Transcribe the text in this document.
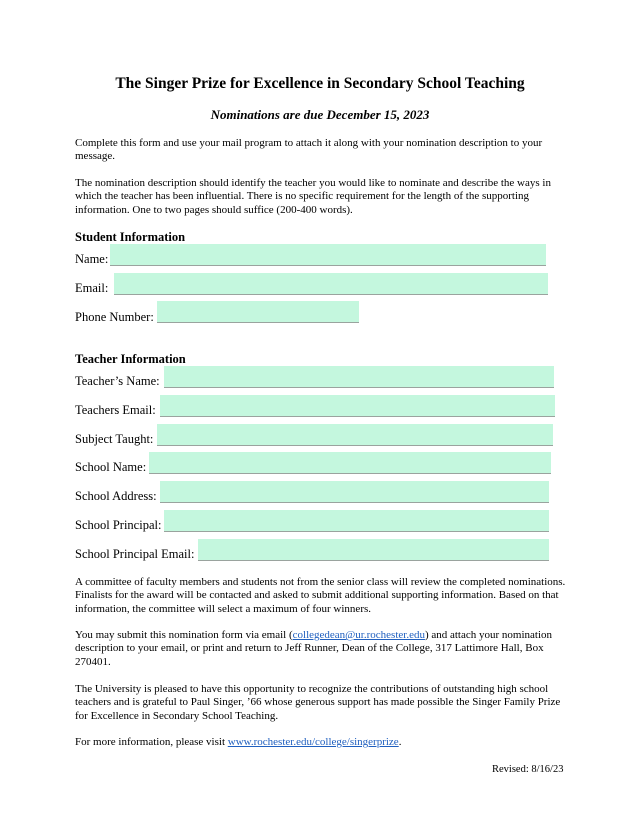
The Singer Prize for Excellence in Secondary School Teaching
Nominations are due December 15, 2023
Complete this form and use your mail program to attach it along with your nomination description to your message.
The nomination description should identify the teacher you would like to nominate and describe the ways in which the teacher has been influential. There is no specific requirement for the length of the supporting information. One to two pages should suffice (200-400 words).
Student Information
Name:
Email:
Phone Number:
Teacher Information
Teacher’s Name:
Teachers Email:
Subject Taught:
School Name:
School Address:
School Principal:
School Principal Email:
A committee of faculty members and students not from the senior class will review the completed nominations. Finalists for the award will be contacted and asked to submit additional supporting information. Based on that information, the committee will select a maximum of four winners.
You may submit this nomination form via email (collegedean@ur.rochester.edu) and attach your nomination description to your email, or print and return to Jeff Runner, Dean of the College, 317 Lattimore Hall, Box 270401.
The University is pleased to have this opportunity to recognize the contributions of outstanding high school teachers and is grateful to Paul Singer, ’66 whose generous support has made possible the Singer Family Prize for Excellence in Secondary School Teaching.
For more information, please visit www.rochester.edu/college/singerprize.
Revised: 8/16/23
